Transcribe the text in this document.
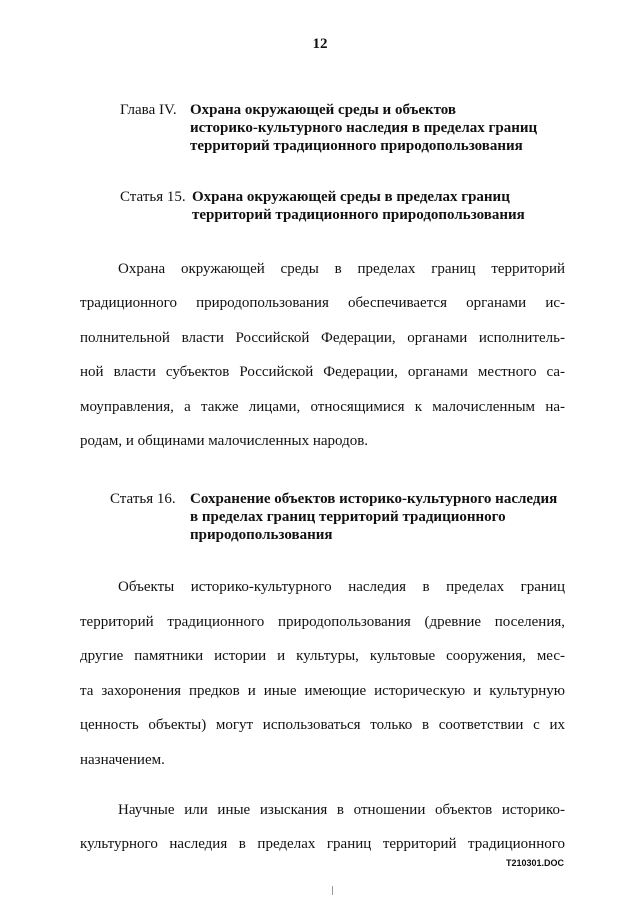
12
Глава IV. Охрана окружающей среды и объектов
историко-культурного наследия в пределах границ
территорий традиционного природопользования
Статья 15. Охрана окружающей среды в пределах границ
территорий традиционного природопользования
Охрана окружающей среды в пределах границ территорий
традиционного природопользования обеспечивается органами ис-
полнительной власти Российской Федерации, органами исполнитель-
ной власти субъектов Российской Федерации, органами местного са-
моуправления, а также лицами, относящимися к малочисленным на-
родам, и общинами малочисленных народов.
Статья 16. Сохранение объектов историко-культурного наследия
в пределах границ территорий традиционного
природопользования
Объекты историко-культурного наследия в пределах границ
территорий традиционного природопользования (древние поселения,
другие памятники истории и культуры, культовые сооружения, мес-
та захоронения предков и иные имеющие историческую и культурную
ценность объекты) могут использоваться только в соответствии с их
назначением.
Научные или иные изыскания в отношении объектов историко-
культурного наследия в пределах границ территорий традиционного
T210301.DOC
